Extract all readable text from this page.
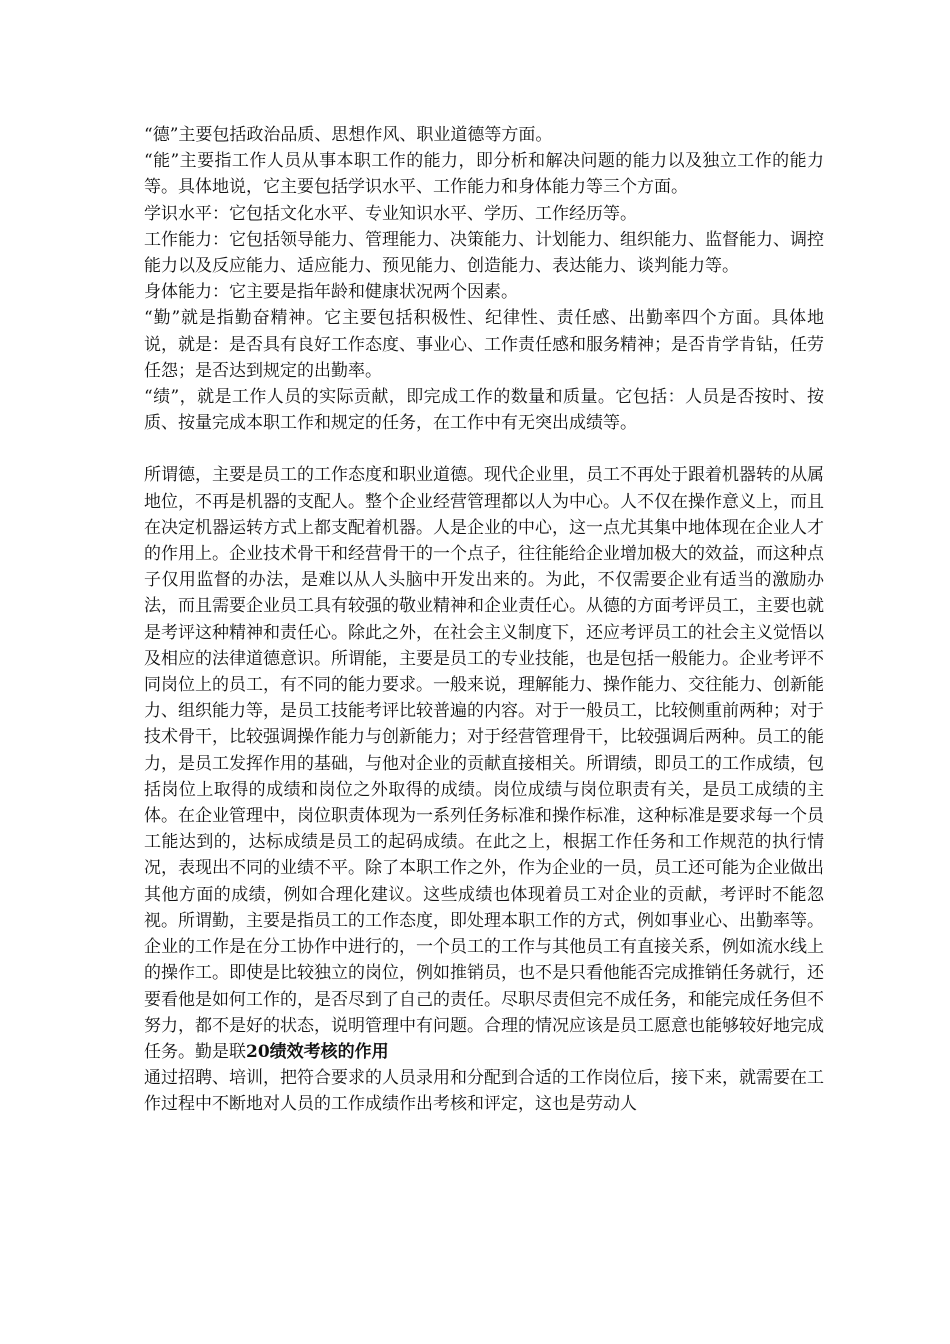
“德”主要包括政治品质、思想作风、职业道德等方面。

“能”主要指工作人员从事本职工作的能力，即分析和解决问题的能力以及独立工作的能力等。具体地说，它主要包括学识水平、工作能力和身体能力等三个方面。

学识水平：它包括文化水平、专业知识水平、学历、工作经历等。

工作能力：它包括领导能力、管理能力、决策能力、计划能力、组织能力、监督能力、调控能力以及反应能力、适应能力、预见能力、创造能力、表达能力、谈判能力等。

身体能力：它主要是指年龄和健康状况两个因素。

“勤”就是指勤奋精神。它主要包括积极性、纪律性、责任感、出勤率四个方面。具体地说，就是：是否具有良好工作态度、事业心、工作责任感和服务精神；是否肯学肯钻，任劳任怨；是否达到规定的出勤率。

“绩”，就是工作人员的实际贡献，即完成工作的数量和质量。它包括：人员是否按时、按质、按量完成本职工作和规定的任务，在工作中有无突出成绩等。

所谓德，主要是员工的工作态度和职业道德。现代企业里，员工不再处于跟着机器转的从属地位，不再是机器的支配人。整个企业经营管理都以人为中心。人不仅在操作意义上，而且在决定机器运转方式上都支配着机器。人是企业的中心，这一点尤其集中地体现在企业人才的作用上。企业技术骨干和经营骨干的一个点子，往往能给企业增加极大的效益，而这种点子仅用监督的办法，是难以从人头脑中开发出来的。为此，不仅需要企业有适当的激励办法，而且需要企业员工具有较强的敬业精神和企业责任心。从德的方面考评员工，主要也就是考评这种精神和责任心。除此之外，在社会主义制度下，还应考评员工的社会主义觉悟以及相应的法律道德意识。所谓能，主要是员工的专业技能，也是包括一般能力。企业考评不同岗位上的员工，有不同的能力要求。一般来说，理解能力、操作能力、交往能力、创新能力、组织能力等，是员工技能考评比较普遍的内容。对于一般员工，比较侧重前两种；对于技术骨干，比较强调操作能力与创新能力；对于经营管理骨干，比较强调后两种。员工的能力，是员工发挥作用的基础，与他对企业的贡献直接相关。所谓绩，即员工的工作成绩，包括岗位上取得的成绩和岗位之外取得的成绩。岗位成绩与岗位职责有关，是员工成绩的主体。在企业管理中，岗位职责体现为一系列任务标准和操作标准，这种标准是要求每一个员工能达到的，达标成绩是员工的起码成绩。在此之上，根据工作任务和工作规范的执行情况，表现出不同的业绩不平。除了本职工作之外，作为企业的一员，员工还可能为企业做出其他方面的成绩，例如合理化建议。这些成绩也体现着员工对企业的贡献，考评时不能忽视。所谓勤，主要是指员工的工作态度，即处理本职工作的方式，例如事业心、出勤率等。企业的工作是在分工协作中进行的，一个员工的工作与其他员工有直接关系，例如流水线上的操作工。即使是比较独立的岗位，例如推销员，也不是只看他能否完成推销任务就行，还要看他是如何工作的，是否尽到了自己的责任。尽职尽责但完不成任务，和能完成任务但不努力，都不是好的状态，说明管理中有问题。合理的情况应该是员工愿意也能够较好地完成任务。勤是联20绩效考核的作用

通过招聘、培训，把符合要求的人员录用和分配到合适的工作岗位后，接下来，就需要在工作过程中不断地对人员的工作成绩作出考核和评定，这也是劳动人
